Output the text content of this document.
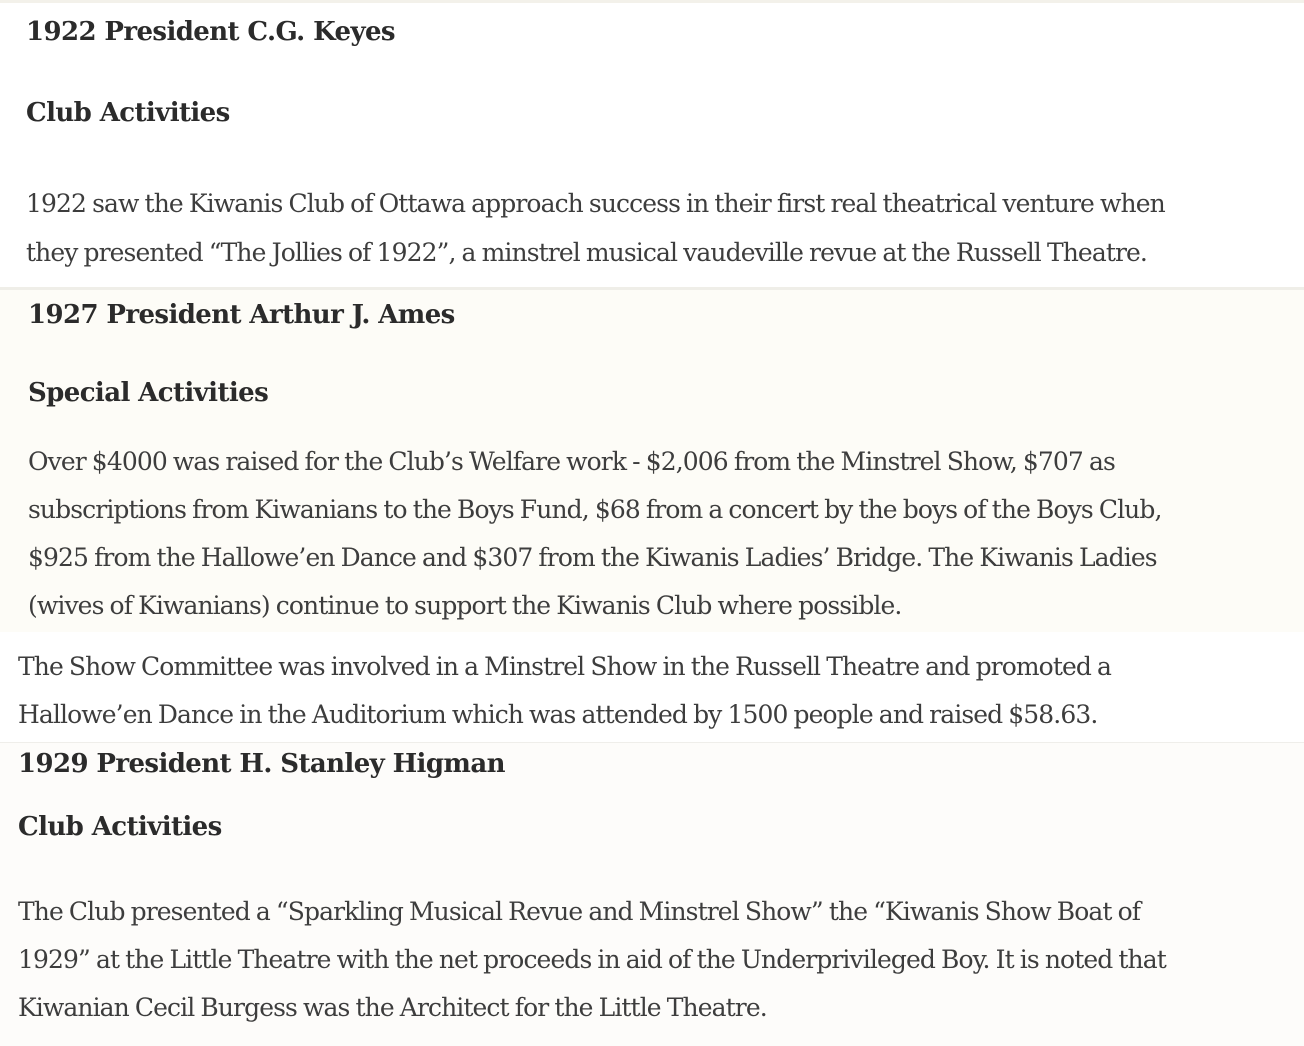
1922 President C.G. Keyes
Club Activities
1922 saw the Kiwanis Club of Ottawa approach success in their first real theatrical venture when
they presented “The Jollies of 1922”, a minstrel musical vaudeville revue at the Russell Theatre.
1927 President Arthur J. Ames
Special Activities
Over $4000 was raised for the Club’s Welfare work - $2,006 from the Minstrel Show, $707 as
subscriptions from Kiwanians to the Boys Fund, $68 from a concert by the boys of the Boys Club,
$925 from the Hallowe’en Dance and $307 from the Kiwanis Ladies’ Bridge. The Kiwanis Ladies
(wives of Kiwanians) continue to support the Kiwanis Club where possible.
The Show Committee was involved in a Minstrel Show in the Russell Theatre and promoted a
Hallowe’en Dance in the Auditorium which was attended by 1500 people and raised $58.63.
1929 President H. Stanley Higman
Club Activities
The Club presented a “Sparkling Musical Revue and Minstrel Show” the “Kiwanis Show Boat of
1929” at the Little Theatre with the net proceeds in aid of the Underprivileged Boy. It is noted that
Kiwanian Cecil Burgess was the Architect for the Little Theatre.
